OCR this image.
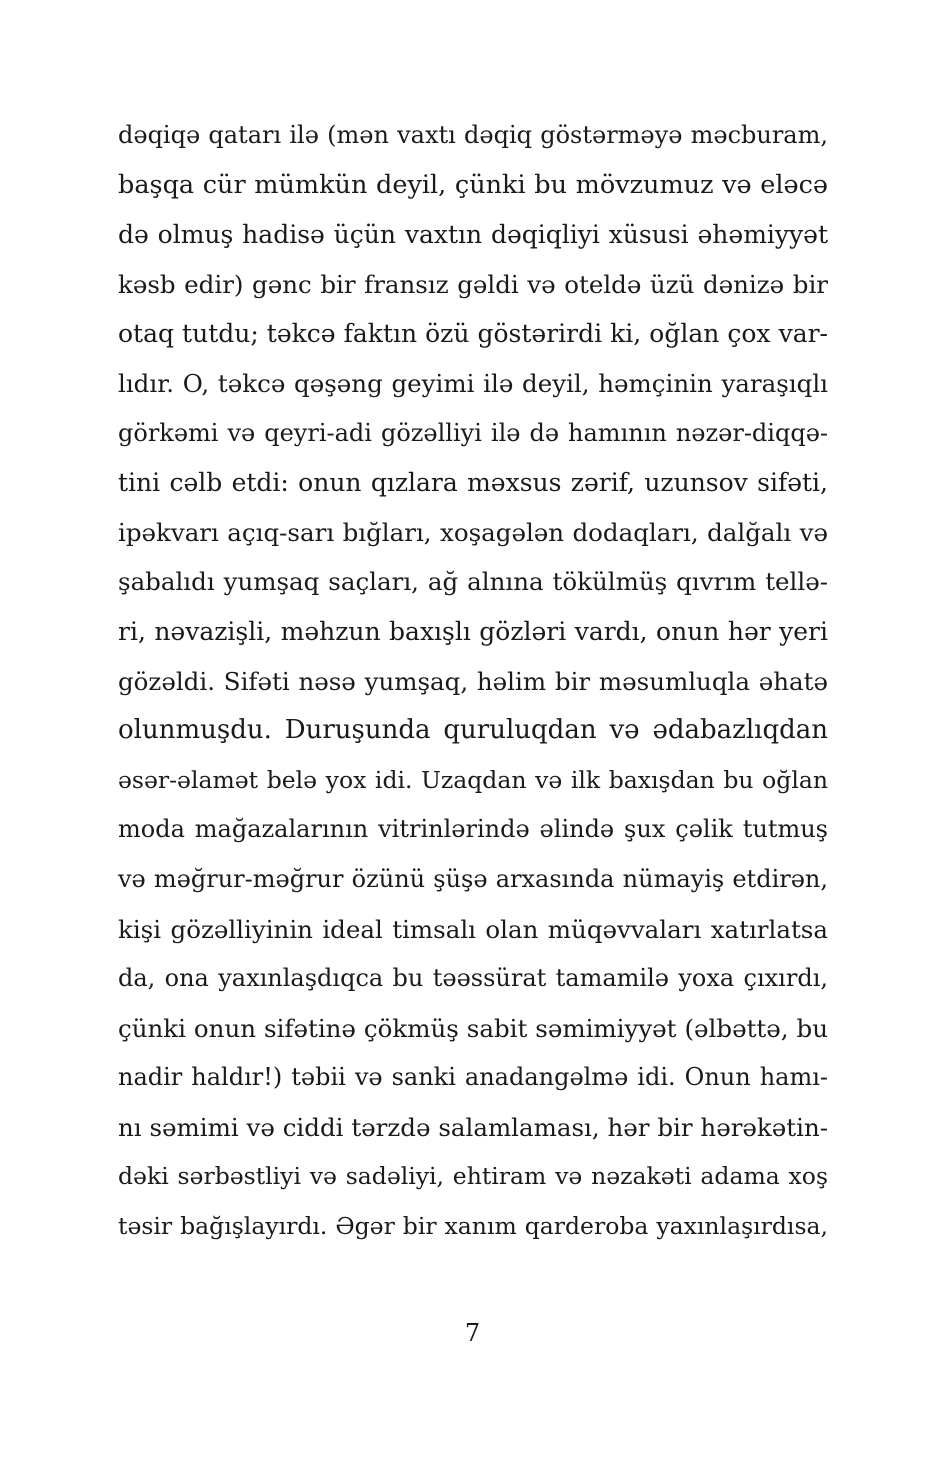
dəqiqə qatarı ilə (mən vaxtı dəqiq göstərməyə məcburam,
başqa cür mümkün deyil, çünki bu mövzumuz və eləcə
də olmuş hadisə üçün vaxtın dəqiqliyi xüsusi əhəmiyyət
kəsb edir) gənc bir fransız gəldi və oteldə üzü dənizə bir
otaq tutdu; təkcə faktın özü göstərirdi ki, oğlan çox var-
lıdır. O, təkcə qəşəng geyimi ilə deyil, həmçinin yaraşıqlı
görkəmi və qeyri-adi gözəlliyi ilə də hamının nəzər-diqqə-
tini cəlb etdi: onun qızlara məxsus zərif, uzunsov sifəti,
ipəkvarı açıq-sarı bığları, xoşagələn dodaqları, dalğalı və
şabalıdı yumşaq saçları, ağ alnına tökülmüş qıvrım tellə-
ri, nəvazişli, məhzun baxışlı gözləri vardı, onun hər yeri
gözəldi. Sifəti nəsə yumşaq, həlim bir məsumluqla əhatə
olunmuşdu. Duruşunda quruluqdan və ədabazlıqdan
əsər-əlamət belə yox idi. Uzaqdan və ilk baxışdan bu oğlan
moda mağazalarının vitrinlərində əlində şux çəlik tutmuş
və məğrur-məğrur özünü şüşə arxasında nümayiş etdirən,
kişi gözəlliyinin ideal timsalı olan müqəvvaları xatırlatsa
da, ona yaxınlaşdıqca bu təəssürat tamamilə yoxa çıxırdı,
çünki onun sifətinə çökmüş sabit səmimiyyət (əlbəttə, bu
nadir haldır!) təbii və sanki anadangəlmə idi. Onun hamı-
nı səmimi və ciddi tərzdə salamlaması, hər bir hərəkətin-
dəki sərbəstliyi və sadəliyi, ehtiram və nəzakəti adama xoş
təsir bağışlayırdı. Əgər bir xanım qarderoba yaxınlaşırdısa,
7
